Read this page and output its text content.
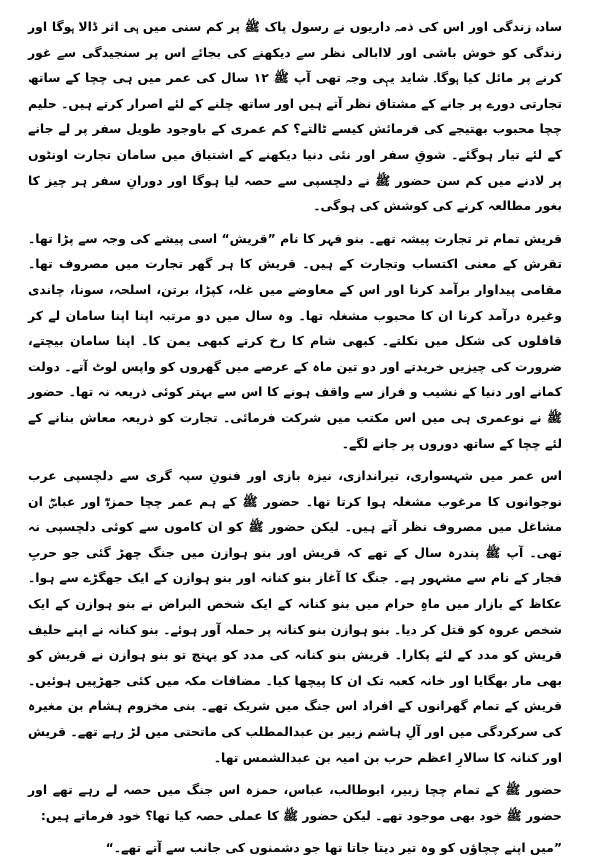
سادہ زندگی اور اس کی ذمہ داریوں نے رسول پاک ﷺ پر کم سنی میں ہی اثر ڈالا ہوگا اور زندگی کو خوش باشی اور لاابالی نظر سے دیکھنے کی بجائے اس پر سنجیدگی سے غور کرنے پر مائل کیا ہوگا۔ شاید یہی وجہ تھی آپ ﷺ ۱۲ سال کی عمر میں ہی چچا کے ساتھ تجارتی دورے پر جانے کے مشتاق نظر آتے ہیں اور ساتھ چلنے کے لئے اصرار کرتے ہیں۔ حلیم چچا محبوب بھتیجے کی فرمائش کیسے ٹالتے؟ کم عمری کے باوجود طویل سفر پر لے جانے کے لئے تیار ہوگئے۔ شوقِ سفر اور نئی دنیا دیکھنے کے اشتیاق میں سامان تجارت اونٹوں پر لادنے میں کم سن حضور ﷺ نے دلچسپی سے حصہ لیا ہوگا اور دورانِ سفر ہر چیز کا بغور مطالعہ کرنے کی کوشش کی ہوگی۔

قریش تمام تر تجارت پیشہ تھے۔ بنو فہر کا نام ”قریش“ اسی پیشے کی وجہ سے پڑا تھا۔ تقرش کے معنی اکتساب وتجارت کے ہیں۔ قریش کا ہر گھر تجارت میں مصروف تھا۔ مقامی پیداوار برآمد کرنا اور اس کے معاوضے میں غلہ، کپڑا، برتن، اسلحہ، سونا، چاندی وغیرہ درآمد کرنا ان کا محبوب مشغلہ تھا۔ وہ سال میں دو مرتبہ اپنا اپنا سامان لے کر قافلوں کی شکل میں نکلتے۔ کبھی شام کا رخ کرتے کبھی یمن کا۔ اپنا سامان بیچتے، ضرورت کی چیزیں خریدتے اور دو تین ماہ کے عرصے میں گھروں کو واپس لوٹ آتے۔ دولت کمانے اور دنیا کے نشیب و فراز سے واقف ہونے کا اس سے بہتر کوئی ذریعہ نہ تھا۔ حضور ﷺ نے نوعمری ہی میں اس مکتب میں شرکت فرمائی۔ تجارت کو ذریعہ معاش بنانے کے لئے چچا کے ساتھ دوروں پر جانے لگے۔

اس عمر میں شہسواری، تیراندازی، نیزہ بازی اور فنونِ سپہ گری سے دلچسپی عرب نوجوانوں کا مرغوب مشغلہ ہوا کرتا تھا۔ حضور ﷺ کے ہم عمر چچا حمزہؓ اور عباسؓ ان مشاغل میں مصروف نظر آتے ہیں۔ لیکن حضور ﷺ کو ان کاموں سے کوئی دلچسپی نہ تھی۔ آپ ﷺ پندرہ سال کے تھے کہ قریش اور بنو ہوازن میں جنگ چھڑ گئی جو حربِ فجار کے نام سے مشہور ہے۔ جنگ کا آغاز بنو کنانہ اور بنو ہوازن کے ایک جھگڑے سے ہوا۔ عکاظ کے بازار میں ماہِ حرام میں بنو کنانہ کے ایک شخص البراض نے بنو ہوازن کے ایک شخص عروہ کو قتل کر دیا۔ بنو ہوازن بنو کنانہ پر حملہ آور ہوئے۔ بنو کنانہ نے اپنے حلیف قریش کو مدد کے لئے پکارا۔ قریش بنو کنانہ کی مدد کو پہنچ تو بنو ہوازن نے قریش کو بھی مار بھگایا اور خانہ کعبہ تک ان کا پیچھا کیا۔ مضافات مکہ میں کئی جھڑپیں ہوئیں۔ قریش کے تمام گھرانوں کے افراد اس جنگ میں شریک تھے۔ بنی مخزوم ہشام بن مغیرہ کی سرکردگی میں اور آلِ ہاشم زبیر بن عبدالمطلب کی ماتحتی میں لڑ رہے تھے۔ قریش اور کنانہ کا سالارِ اعظم حرب بن امیہ بن عبدالشمس تھا۔

حضور ﷺ کے تمام چچا زبیر، ابوطالب، عباس، حمزہ اس جنگ میں حصہ لے رہے تھے اور حضور ﷺ خود بھی موجود تھے۔ لیکن حضور ﷺ کا عملی حصہ کیا تھا؟ خود فرماتے ہیں:

”میں اپنے چچاؤں کو وہ تیر دیتا جاتا تھا جو دشمنوں کی جانب سے آتے تھے۔“
